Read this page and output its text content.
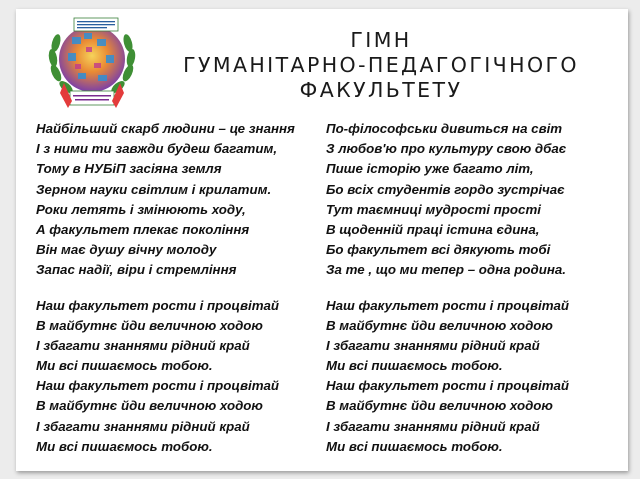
ГІМН
ГУМАНІТАРНО-ПЕДАГОГІЧНОГО
ФАКУЛЬТЕТУ
Найбільший скарб людини – це знання
І з ними ти завжди будеш багатим,
Тому в НУБіП засіяна земля
Зерном науки світлим і крилатим.
Роки летять і змінюють ходу,
А факультет плекає покоління
Він має душу вічну молоду
Запас надії, віри і стремління
Наш факультет рости і процвітай
В майбутнє йди величною ходою
І збагати знаннями рідний край
Ми всі пишаємось тобою.
Наш факультет рости і процвітай
В майбутнє йди величною ходою
І збагати знаннями рідний край
Ми всі пишаємось тобою.
По-філософськи дивиться на світ
З любов'ю про культуру свою дбає
Пише історію уже багато літ,
Бо всіх студентів гордо зустрічає
Тут таємниці мудрості прості
В щоденній праці істина єдина,
Бо факультет всі дякують тобі
За те , що ми тепер – одна родина.
Наш факультет рости і процвітай
В майбутнє йди величною ходою
І збагати знаннями рідний край
Ми всі пишаємось тобою.
Наш факультет рости і процвітай
В майбутнє йди величною ходою
І збагати знаннями рідний край
Ми всі пишаємось тобою.
